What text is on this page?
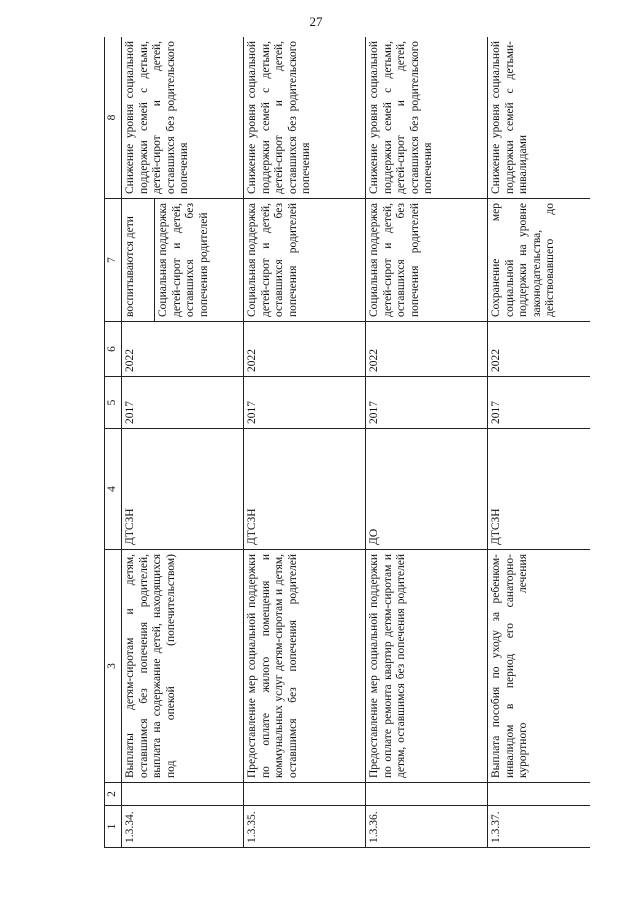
27
1	2	3	4	5	6	7	8
1.3.34.		Выплаты детям-сиротам и детям, оставшимся без попечения родителей, выплата на содержание детей, находящихся под опекой (попечительством)	ДТСЗН	2017	2022	воспитываются дети Социальная поддержка детей-сирот и детей, оставшихся без попечения родителей	Снижение уровня социальной поддержки семей с детьми, детей-сирот и детей, оставшихся без родительского попечения
1.3.35.		Предоставление мер социальной поддержки по оплате жилого помещения и коммунальных услуг детям-сиротам и детям, оставшимся без попечения родителей	ДТСЗН	2017	2022	Социальная поддержка детей-сирот и детей, оставшихся без попечения родителей	Снижение уровня социальной поддержки семей с детьми, детей-сирот и детей, оставшихся без родительского попечения
1.3.36.		Предоставление мер социальной поддержки по оплате ремонта квартир детям-сиротам и детям, оставшимся без попечения родителей	ДО	2017	2022	Социальная поддержка детей-сирот и детей, оставшихся без попечения родителей	Снижение уровня социальной поддержки семей с детьми, детей-сирот и детей, оставшихся без родительского попечения
1.3.37.		Выплата пособия по уходу за ребенком-инвалидом в период его санаторно-курортного лечения	ДТСЗН	2017	2022	Сохранение мер социальной поддержки на уровне законодательства, действовавшего до	Снижение уровня социальной поддержки семей с детьми-инвалидами
